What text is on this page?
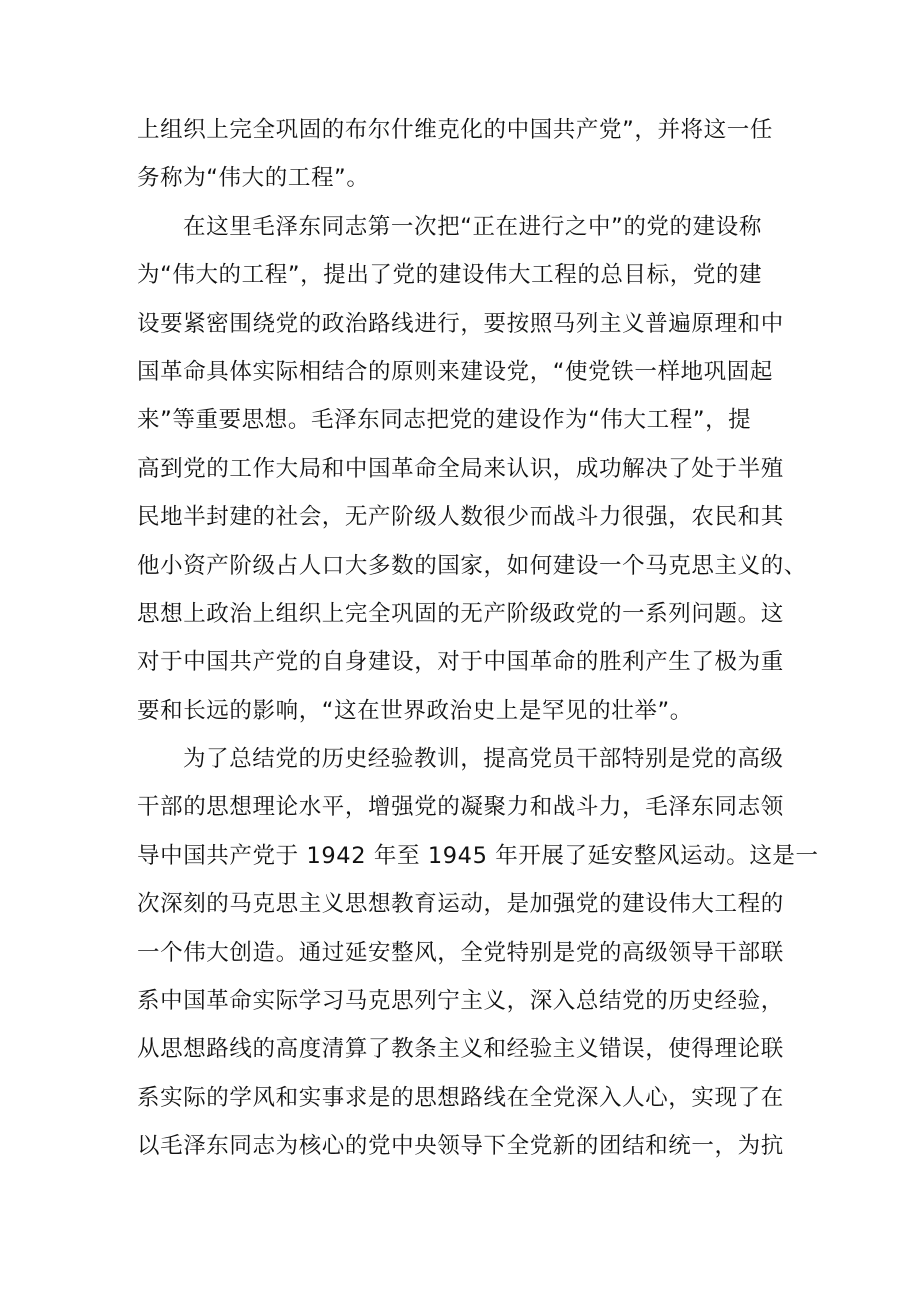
上组织上完全巩固的布尔什维克化的中国共产党”，并将这一任
务称为“伟大的工程”。
在这里毛泽东同志第一次把“正在进行之中”的党的建设称
为“伟大的工程”，提出了党的建设伟大工程的总目标，党的建
设要紧密围绕党的政治路线进行，要按照马列主义普遍原理和中
国革命具体实际相结合的原则来建设党，“使党铁一样地巩固起
来”等重要思想。毛泽东同志把党的建设作为“伟大工程”，提
高到党的工作大局和中国革命全局来认识，成功解决了处于半殖
民地半封建的社会，无产阶级人数很少而战斗力很强，农民和其
他小资产阶级占人口大多数的国家，如何建设一个马克思主义的、
思想上政治上组织上完全巩固的无产阶级政党的一系列问题。这
对于中国共产党的自身建设，对于中国革命的胜利产生了极为重
要和长远的影响，“这在世界政治史上是罕见的壮举”。
为了总结党的历史经验教训，提高党员干部特别是党的高级
干部的思想理论水平，增强党的凝聚力和战斗力，毛泽东同志领
导中国共产党于 1942 年至 1945 年开展了延安整风运动。这是一
次深刻的马克思主义思想教育运动，是加强党的建设伟大工程的
一个伟大创造。通过延安整风，全党特别是党的高级领导干部联
系中国革命实际学习马克思列宁主义，深入总结党的历史经验，
从思想路线的高度清算了教条主义和经验主义错误，使得理论联
系实际的学风和实事求是的思想路线在全党深入人心，实现了在
以毛泽东同志为核心的党中央领导下全党新的团结和统一，为抗
